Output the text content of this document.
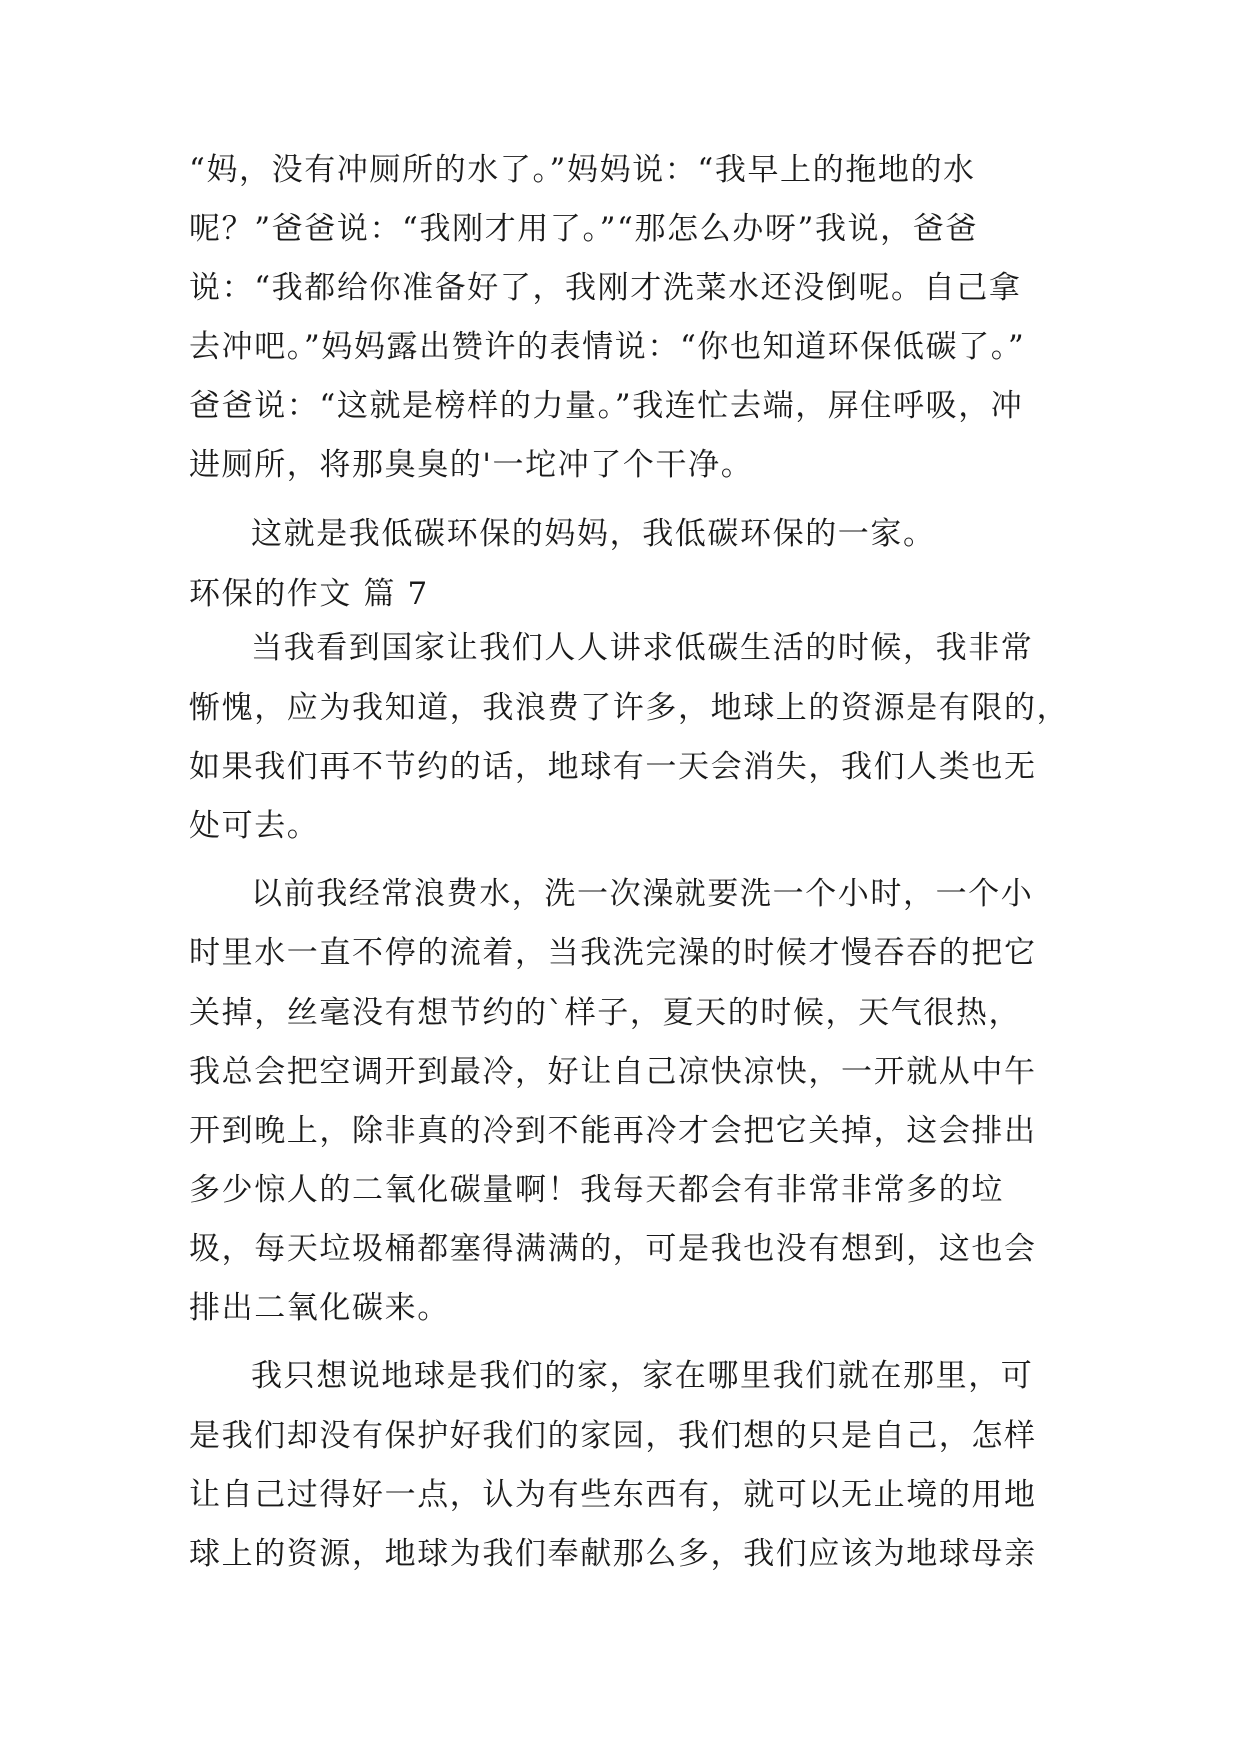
“妈，没有冲厕所的水了。”妈妈说：“我早上的拖地的水
呢？”爸爸说：“我刚才用了。”“那怎么办呀”我说，爸爸
说：“我都给你准备好了，我刚才洗菜水还没倒呢。自己拿
去冲吧。”妈妈露出赞许的表情说：“你也知道环保低碳了。”
爸爸说：“这就是榜样的力量。”我连忙去端，屏住呼吸，冲
进厕所，将那臭臭的'一坨冲了个干净。
这就是我低碳环保的妈妈，我低碳环保的一家。
环保的作文 篇 7
当我看到国家让我们人人讲求低碳生活的时候，我非常
惭愧，应为我知道，我浪费了许多，地球上的资源是有限的，
如果我们再不节约的话，地球有一天会消失，我们人类也无
处可去。
以前我经常浪费水，洗一次澡就要洗一个小时，一个小
时里水一直不停的流着，当我洗完澡的时候才慢吞吞的把它
关掉，丝毫没有想节约的`样子，夏天的时候，天气很热，
我总会把空调开到最冷，好让自己凉快凉快，一开就从中午
开到晚上，除非真的冷到不能再冷才会把它关掉，这会排出
多少惊人的二氧化碳量啊！我每天都会有非常非常多的垃
圾，每天垃圾桶都塞得满满的，可是我也没有想到，这也会
排出二氧化碳来。
我只想说地球是我们的家，家在哪里我们就在那里，可
是我们却没有保护好我们的家园，我们想的只是自己，怎样
让自己过得好一点，认为有些东西有，就可以无止境的用地
球上的资源，地球为我们奉献那么多，我们应该为地球母亲
